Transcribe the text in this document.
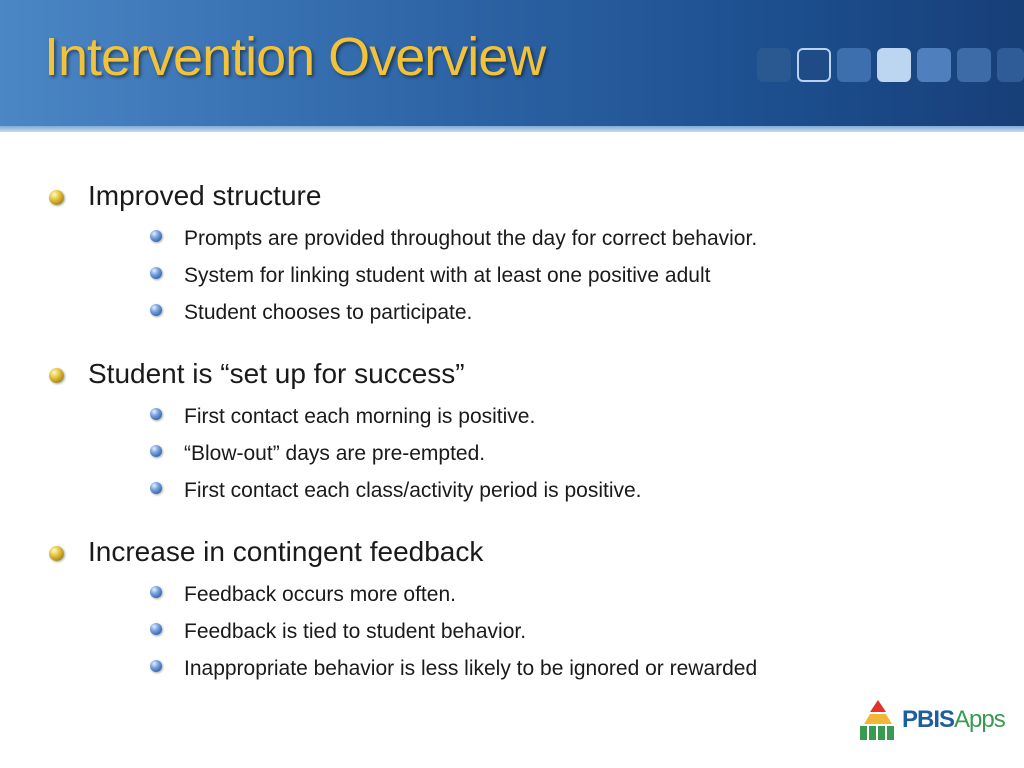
Intervention Overview
Improved structure
Prompts are provided throughout the day for correct behavior.
System for linking student with at least one positive adult
Student chooses to participate.
Student is “set up for success”
First contact each morning is positive.
“Blow-out” days are pre-empted.
First contact each class/activity period is positive.
Increase in contingent feedback
Feedback occurs more often.
Feedback is tied to student behavior.
Inappropriate behavior is less likely to be ignored or rewarded
PBISApps
